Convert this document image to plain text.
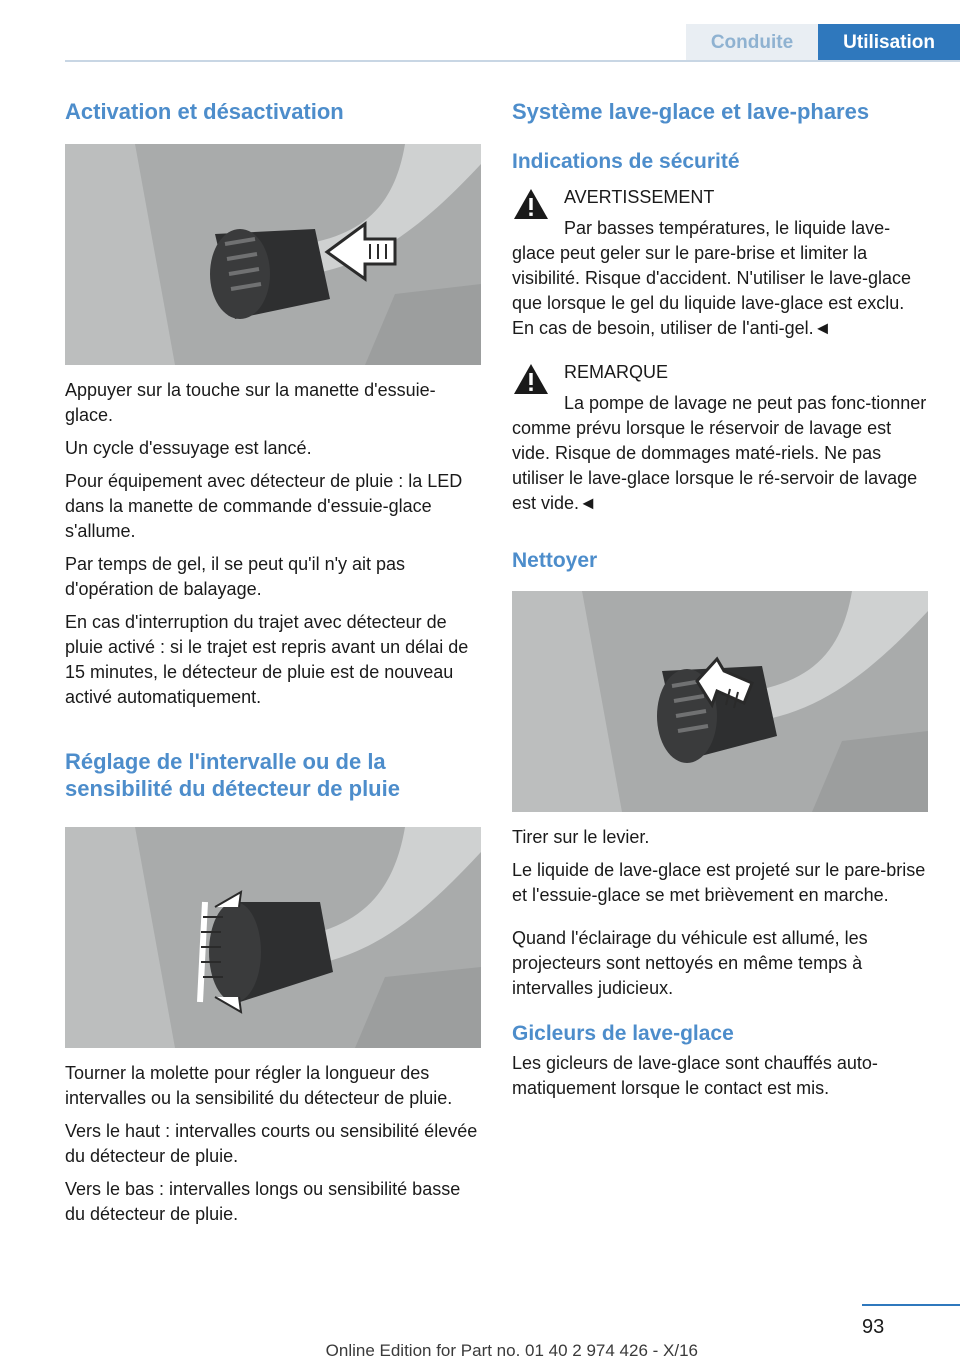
Conduite	Utilisation
Activation et désactivation

Appuyer sur la touche sur la manette d'essuie-glace.

Un cycle d'essuyage est lancé.

Pour équipement avec détecteur de pluie : la LED dans la manette de commande d'essuie-glace s'allume.

Par temps de gel, il se peut qu'il n'y ait pas d'opération de balayage.

En cas d'interruption du trajet avec détecteur de pluie activé : si le trajet est repris avant un délai de 15 minutes, le détecteur de pluie est de nouveau activé automatiquement.

Réglage de l'intervalle ou de la sensibilité du détecteur de pluie

Tourner la molette pour régler la longueur des intervalles ou la sensibilité du détecteur de pluie.

Vers le haut : intervalles courts ou sensibilité élevée du détecteur de pluie.

Vers le bas : intervalles longs ou sensibilité basse du détecteur de pluie.

Système lave-glace et lave-phares
Indications de sécurité
AVERTISSEMENT

Par basses températures, le liquide lave-glace peut geler sur le pare-brise et limiter la visibilité. Risque d'accident. N'utiliser le lave-glace que lorsque le gel du liquide lave-glace est exclu. En cas de besoin, utiliser de l'anti-gel.◄

REMARQUE

La pompe de lavage ne peut pas fonc-tionner comme prévu lorsque le réservoir de lavage est vide. Risque de dommages maté-riels. Ne pas utiliser le lave-glace lorsque le ré-servoir de lavage est vide.◄

Nettoyer

Tirer sur le levier.

Le liquide de lave-glace est projeté sur le pare-brise et l'essuie-glace se met brièvement en marche.

Quand l'éclairage du véhicule est allumé, les projecteurs sont nettoyés en même temps à intervalles judicieux.

Gicleurs de lave-glace

Les gicleurs de lave-glace sont chauffés auto-matiquement lorsque le contact est mis.

93
Online Edition for Part no. 01 40 2 974 426 - X/16
